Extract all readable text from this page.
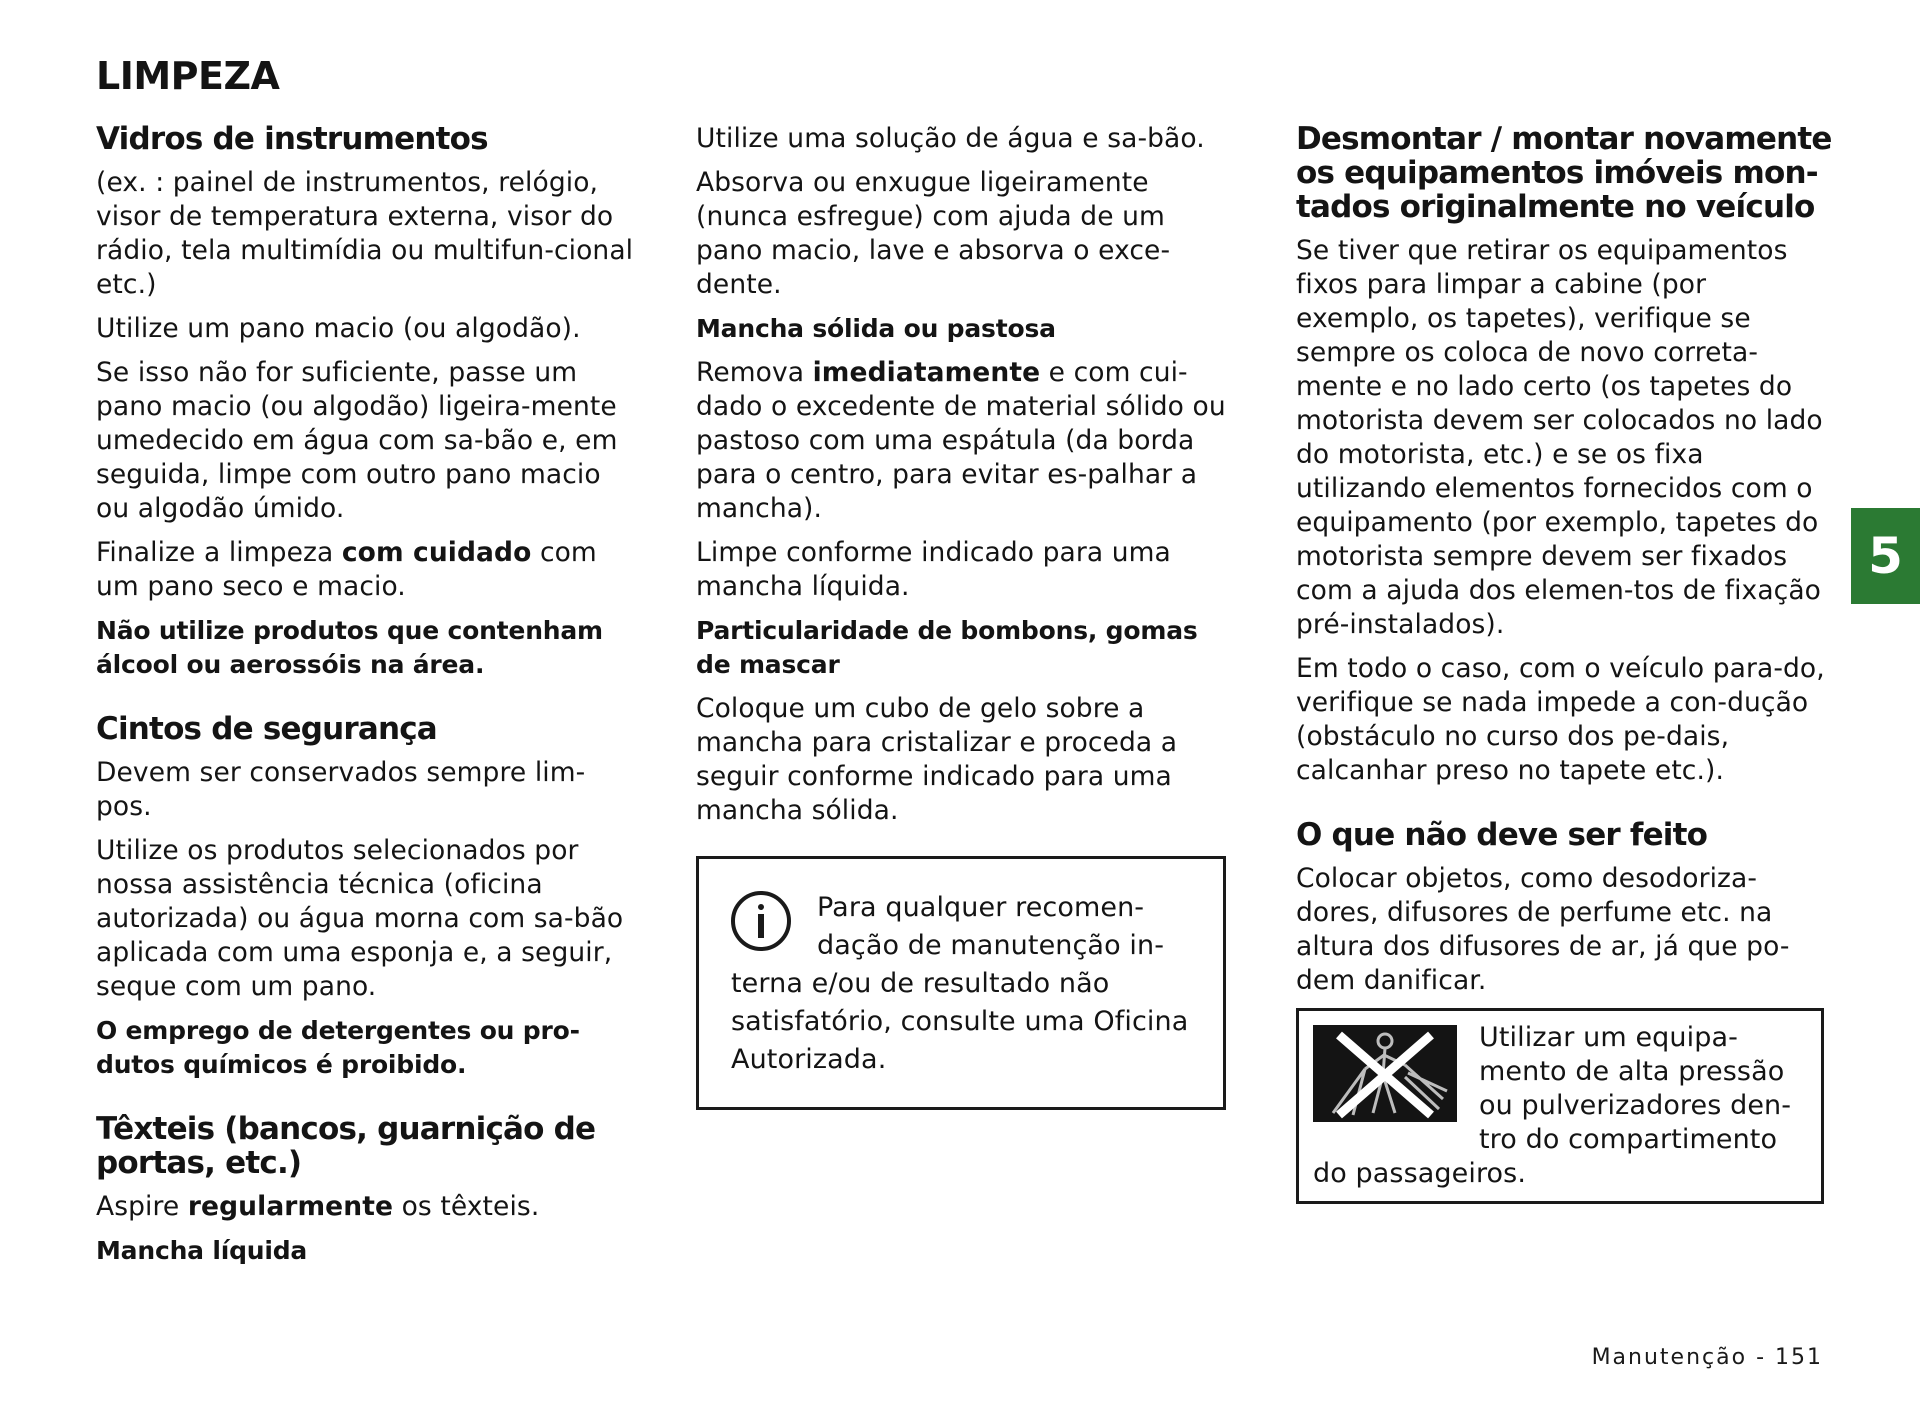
LIMPEZA
Vidros de instrumentos

(ex. : painel de instrumentos, relógio, visor de temperatura externa, visor do rádio, tela multimídia ou multifun-cional etc.)

Utilize um pano macio (ou algodão).

Se isso não for suficiente, passe um pano macio (ou algodão) ligeira-mente umedecido em água com sa-bão e, em seguida, limpe com outro pano macio ou algodão úmido.

Finalize a limpeza com cuidado com um pano seco e macio.

Não utilize produtos que contenham álcool ou aerossóis na área.

Cintos de segurança

Devem ser conservados sempre lim-pos.

Utilize os produtos selecionados por nossa assistência técnica (oficina autorizada) ou água morna com sa-bão aplicada com uma esponja e, a seguir, seque com um pano.

O emprego de detergentes ou pro-dutos químicos é proibido.

Têxteis (bancos, guarnição de portas, etc.)

Aspire regularmente os têxteis.

Mancha líquida

Utilize uma solução de água e sa-bão.

Absorva ou enxugue ligeiramente (nunca esfregue) com ajuda de um pano macio, lave e absorva o exce-dente.

Mancha sólida ou pastosa

Remova imediatamente e com cui-dado o excedente de material sólido ou pastoso com uma espátula (da borda para o centro, para evitar es-palhar a mancha).

Limpe conforme indicado para uma mancha líquida.

Particularidade de bombons, gomas de mascar

Coloque um cubo de gelo sobre a mancha para cristalizar e proceda a seguir conforme indicado para uma mancha sólida.

Para qualquer recomen-dação de manutenção in-terna e/ou de resultado não satisfatório, consulte uma Oficina Autorizada.

Desmontar / montar novamente os equipamentos imóveis mon-tados originalmente no veículo

Se tiver que retirar os equipamentos fixos para limpar a cabine (por exemplo, os tapetes), verifique se sempre os coloca de novo correta-mente e no lado certo (os tapetes do motorista devem ser colocados no lado do motorista, etc.) e se os fixa utilizando elementos fornecidos com o equipamento (por exemplo, tapetes do motorista sempre devem ser fixados com a ajuda dos elemen-tos de fixação pré-instalados).

Em todo o caso, com o veículo para-do, verifique se nada impede a con-dução (obstáculo no curso dos pe-dais, calcanhar preso no tapete etc.).

O que não deve ser feito

Colocar objetos, como desodoriza-dores, difusores de perfume etc. na altura dos difusores de ar, já que po-dem danificar.

Utilizar um equipa-mento de alta pressão ou pulverizadores den-tro do compartimento do passageiros.

5
Manutenção - 151
